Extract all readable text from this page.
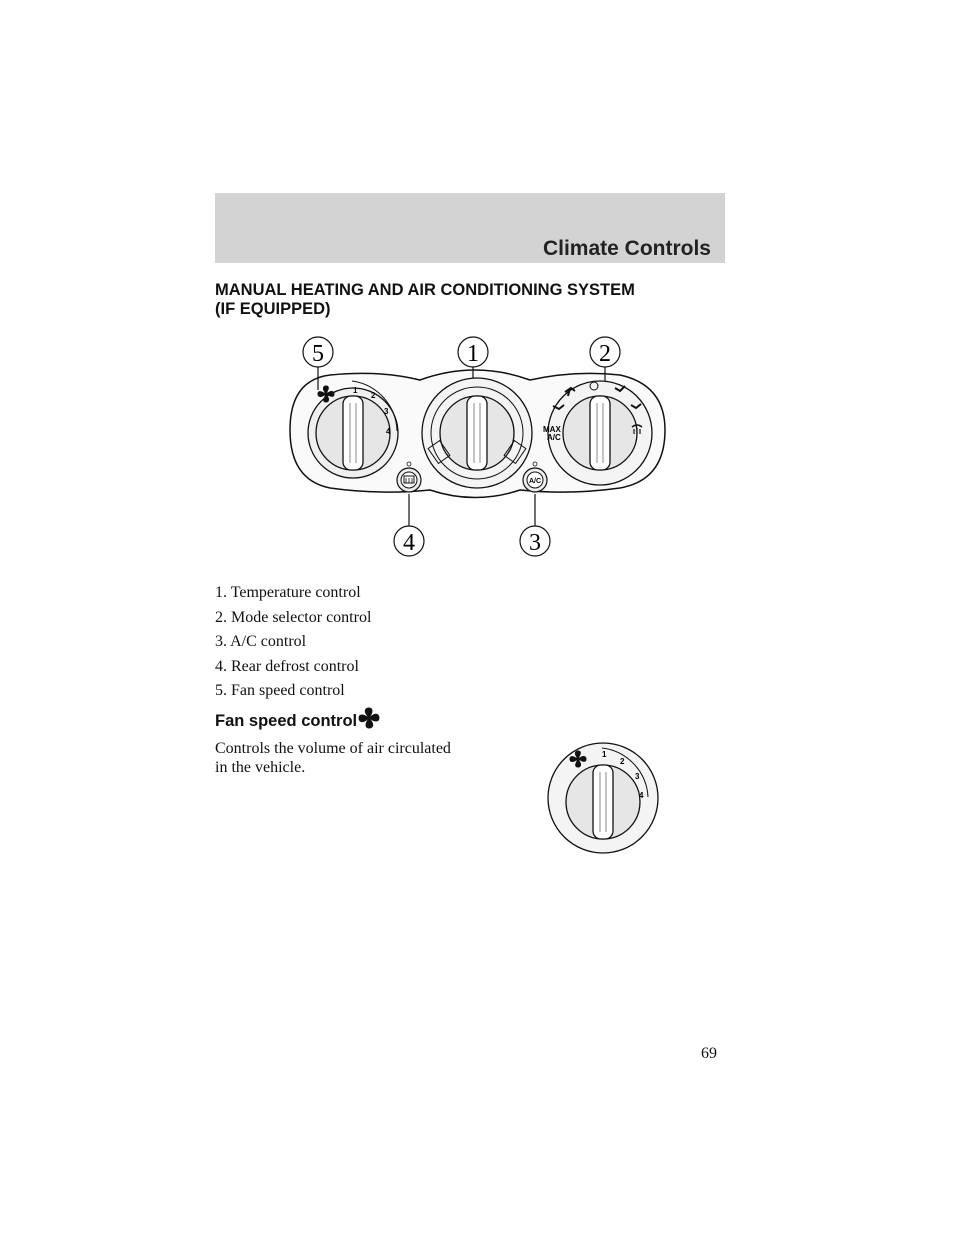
Climate Controls
MANUAL HEATING AND AIR CONDITIONING SYSTEM
(IF EQUIPPED)
5	1	2
4	3
1
2
3
4	MAX
A/C
A/C
1. Temperature control
2. Mode selector control
3. A/C control
4. Rear defrost control
5. Fan speed control
Fan speed control
Controls the volume of air circulated
in the vehicle.
1
2
3
4
69
